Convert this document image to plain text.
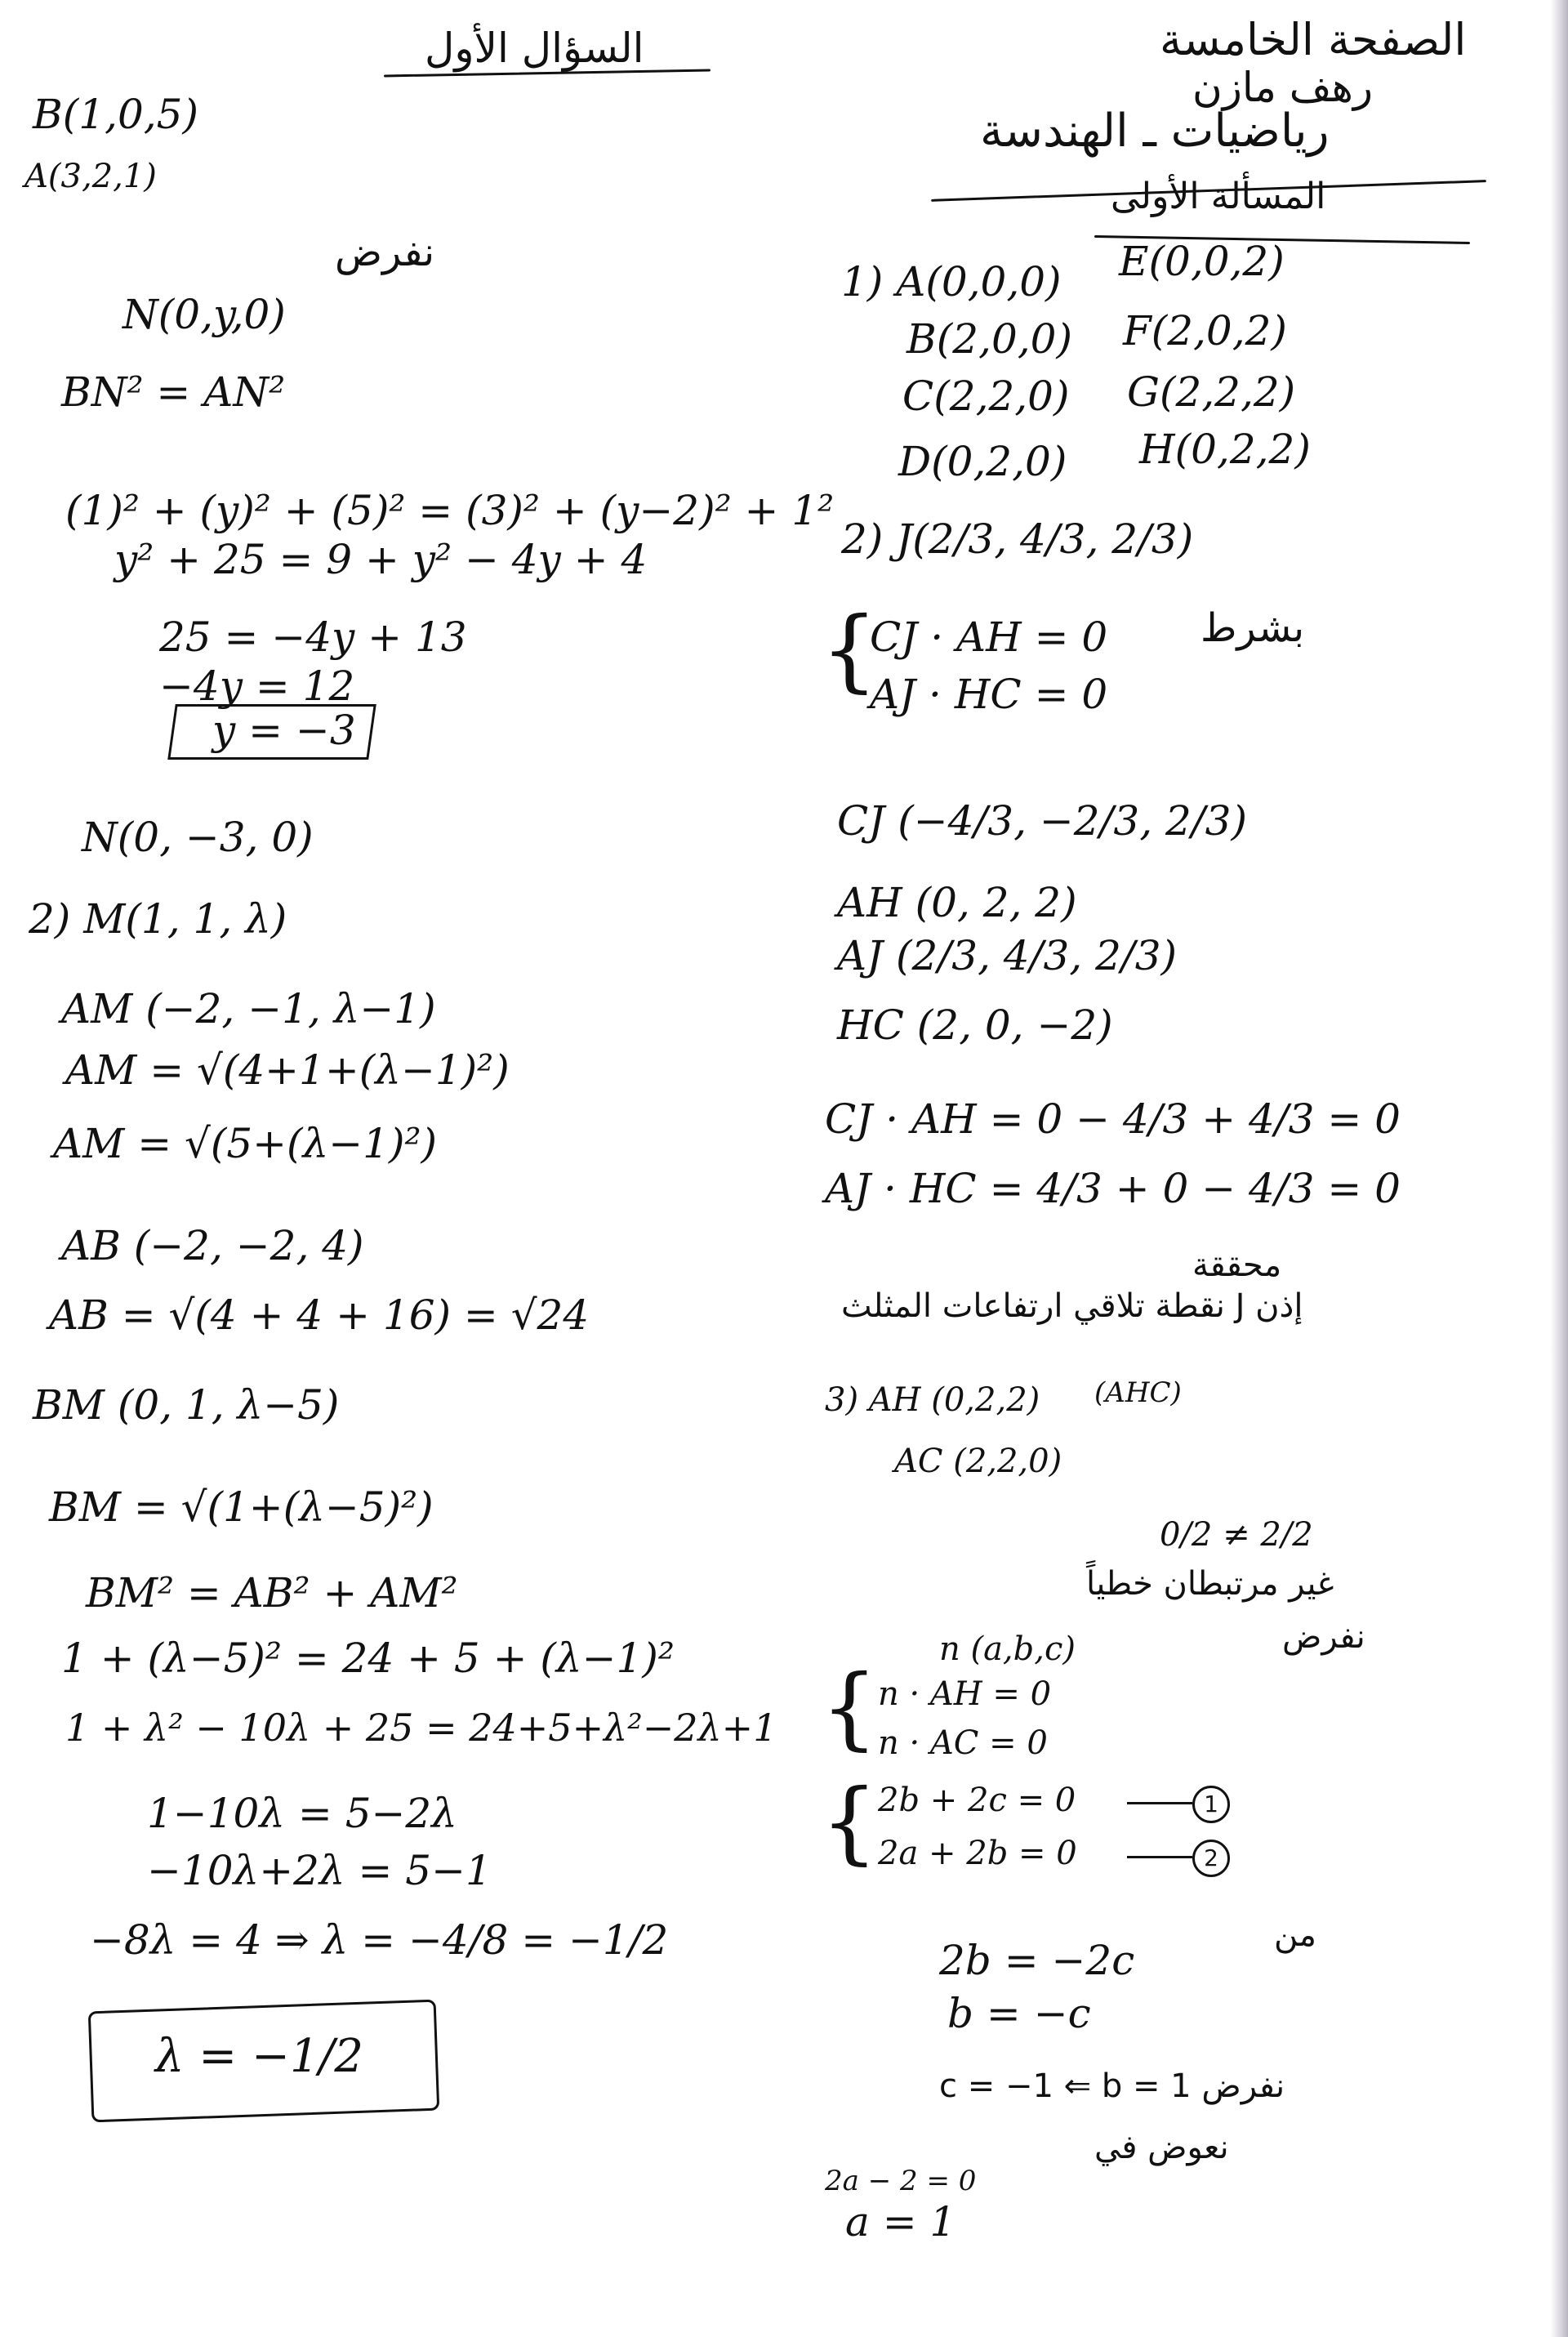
الصفحة الخامسة
رهف مازن
رياضيات ـ الهندسة
المسألة الأولى
السؤال الأول
B(1,0,5)
A(3,2,1)
نفرض
N(0,y,0)
BN² = AN²
(1)² + (y)² + (5)² = (3)² + (y−2)² + 1²
y² + 25 = 9 + y² − 4y + 4
25 = −4y + 13
−4y = 12
y = −3
N(0, −3, 0)
2) M(1, 1, λ)
AM (−2, −1, λ−1)
AM = √(4+1+(λ−1)²)
AM = √(5+(λ−1)²)
AB (−2, −2, 4)
AB = √(4 + 4 + 16) = √24
BM (0, 1, λ−5)
BM = √(1+(λ−5)²)
BM² = AB² + AM²
1 + (λ−5)² = 24 + 5 + (λ−1)²
1 + λ² − 10λ + 25 = 24+5+λ²−2λ+1
1−10λ = 5−2λ
−10λ+2λ = 5−1
−8λ = 4 ⇒ λ = −4/8 = −1/2
λ = −1/2
1) A(0,0,0) E(0,0,2)
B(2,0,0) F(2,0,2)
C(2,2,0) G(2,2,2)
D(0,2,0) H(0,2,2)
2) J(2/3, 4/3, 2/3)
{
CJ · AH = 0
AJ · HC = 0
بشرط
CJ (−4/3, −2/3, 2/3)
AH (0, 2, 2)
AJ (2/3, 4/3, 2/3)
HC (2, 0, −2)
CJ · AH = 0 − 4/3 + 4/3 = 0
AJ · HC = 4/3 + 0 − 4/3 = 0
محققة
إذن J نقطة تلاقي ارتفاعات المثلث
(AHC)
3) AH (0,2,2)
AC (2,2,0)
0/2 ≠ 2/2
غير مرتبطان خطياً
نفرض
n (a,b,c)
{ n · AH = 0
n · AC = 0
{ 2b + 2c = 0	1
2a + 2b = 0	2
من
2b = −2c
b = −c
نفرض c = −1 ⇐ b = 1
نعوض في
2a − 2 = 0
a = 1
